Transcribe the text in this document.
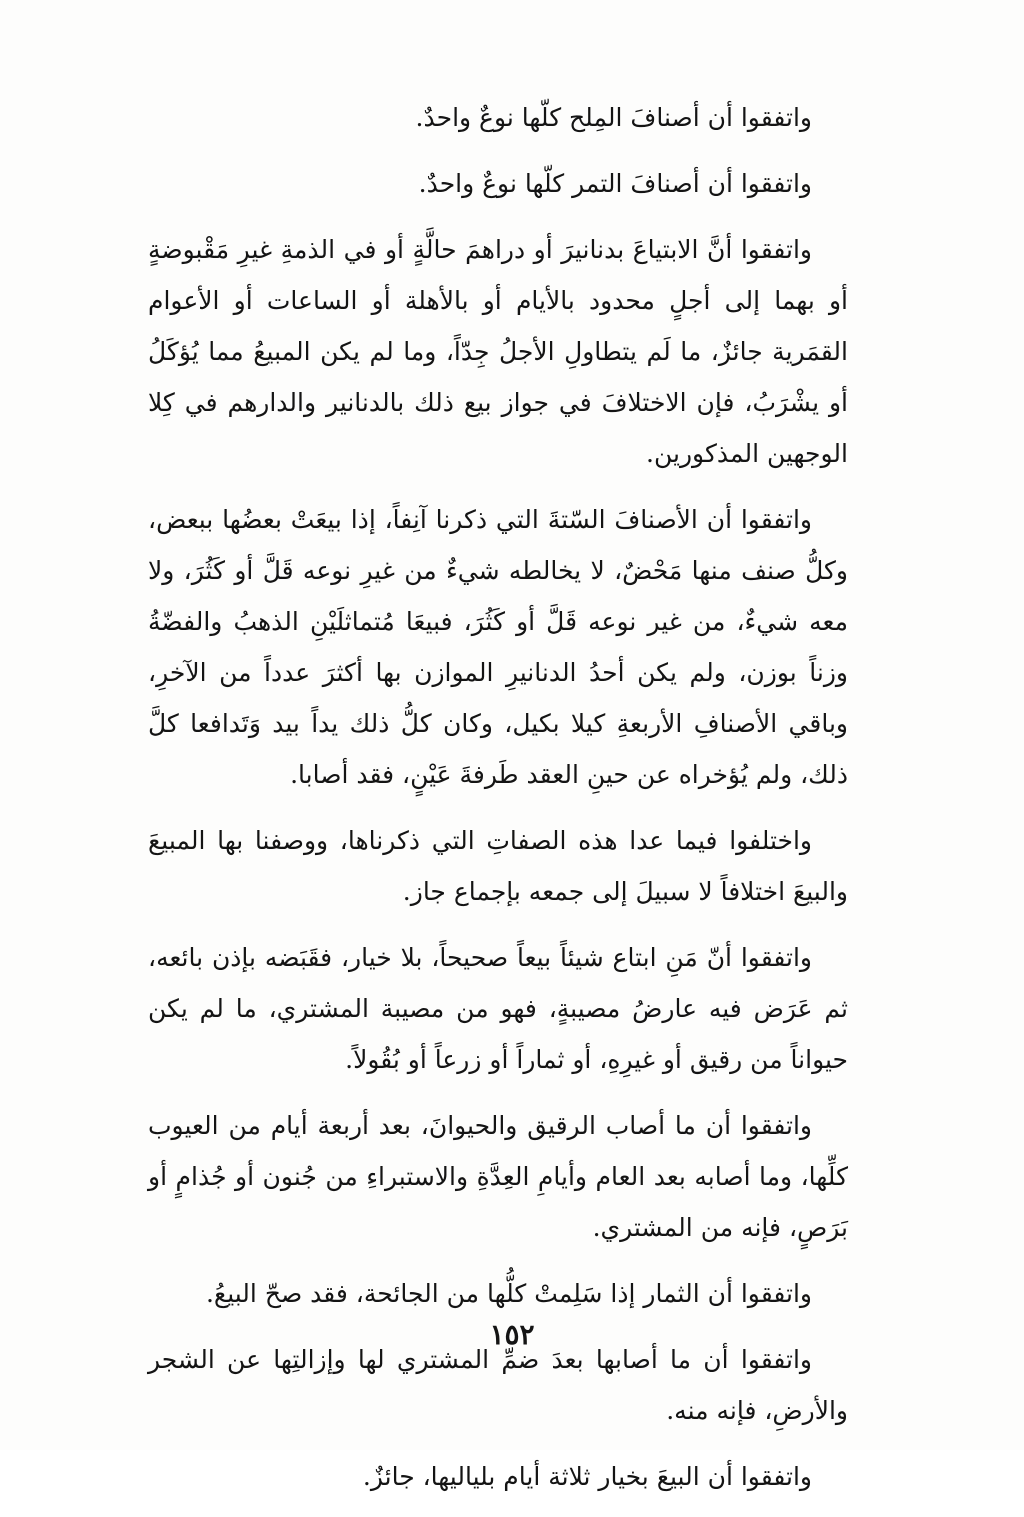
واتفقوا أن أصنافَ المِلح كلّها نوعٌ واحدٌ.

واتفقوا أن أصنافَ التمر كلّها نوعٌ واحدٌ.

واتفقوا أنَّ الابتياعَ بدنانيرَ أو دراهمَ حالَّةٍ أو في الذمةِ غيرِ مَقْبوضةٍ أو بهما إلى أجلٍ محدود بالأيام أو بالأهلة أو الساعات أو الأعوام القمَرية جائزٌ، ما لَم يتطاولِ الأجلُ جِدّاً، وما لم يكن المبيعُ مما يُؤكَلُ أو يشْرَبُ، فإن الاختلافَ في جواز بيع ذلك بالدنانير والدارهم في كِلا الوجهين المذكورين.

واتفقوا أن الأصنافَ السّتةَ التي ذكرنا آنِفاً، إذا بيعَتْ بعضُها ببعض، وكلُّ صنف منها مَحْضٌ، لا يخالطه شيءٌ من غيرِ نوعه قَلَّ أو كَثُرَ، ولا معه شيءٌ، من غير نوعه قَلَّ أو كَثُرَ، فبيعَا مُتماثلَيْنِ الذهبُ والفضّةُ وزناً بوزن، ولم يكن أحدُ الدنانيرِ الموازن بها أكثرَ عدداً من الآخرِ، وباقي الأصنافِ الأربعةِ كيلا بكيل، وكان كلُّ ذلك يداً بيد وَتَدافعا كلَّ ذلك، ولم يُؤخراه عن حينِ العقد طَرفةَ عَيْنٍ، فقد أصابا.

واختلفوا فيما عدا هذه الصفاتِ التي ذكرناها، ووصفنا بها المبيعَ والبيعَ اختلافاً لا سبيلَ إلى جمعه بإجماع جاز.

واتفقوا أنّ مَنِ ابتاع شيئاً بيعاً صحيحاً، بلا خيار، فقَبَضه بإذن بائعه، ثم عَرَض فيه عارضُ مصيبةٍ، فهو من مصيبة المشتري، ما لم يكن حيواناً من رقيق أو غيرِهِ، أو ثماراً أو زرعاً أو بُقُولاً.

واتفقوا أن ما أصاب الرقيق والحيوانَ، بعد أربعة أيام من العيوب كلِّها، وما أصابه بعد العام وأيامِ العِدَّةِ والاستبراءِ من جُنون أو جُذامٍ أو بَرَصٍ، فإنه من المشتري.

واتفقوا أن الثمار إذا سَلِمتْ كلُّها من الجائحة، فقد صحّ البيعُ.

واتفقوا أن ما أصابها بعدَ ضمِّ المشتري لها وإزالتِها عن الشجر والأرضِ، فإنه منه.

واتفقوا أن البيعَ بخيار ثلاثة أيام بلياليها، جائزٌ.

١٥٢
